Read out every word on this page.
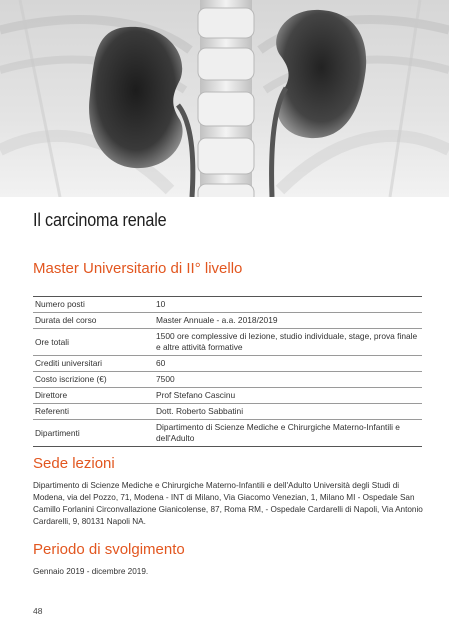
Il carcinoma renale
Master Universitario di II° livello
Numero posti	10
Durata del corso	Master Annuale - a.a. 2018/2019
Ore totali	1500 ore complessive di lezione, studio individuale, stage, prova finale e altre attività formative
Crediti universitari	60
Costo iscrizione (€)	7500
Direttore	Prof Stefano Cascinu
Referenti	Dott. Roberto Sabbatini
Dipartimenti	Dipartimento di Scienze Mediche e Chirurgiche Materno-Infantili e dell'Adulto
Sede lezioni
Dipartimento di Scienze Mediche e Chirurgiche Materno-Infantili e dell'Adulto Università degli Studi di Modena, via del Pozzo, 71, Modena - INT di Milano, Via Giacomo Venezian, 1, Milano MI - Ospedale San Camillo Forlanini Circonvallazione Gianicolense, 87, Roma RM, - Ospedale Cardarelli di Napoli, Via Antonio Cardarelli, 9, 80131 Napoli NA.
Periodo di svolgimento
Gennaio 2019 - dicembre 2019.
48
